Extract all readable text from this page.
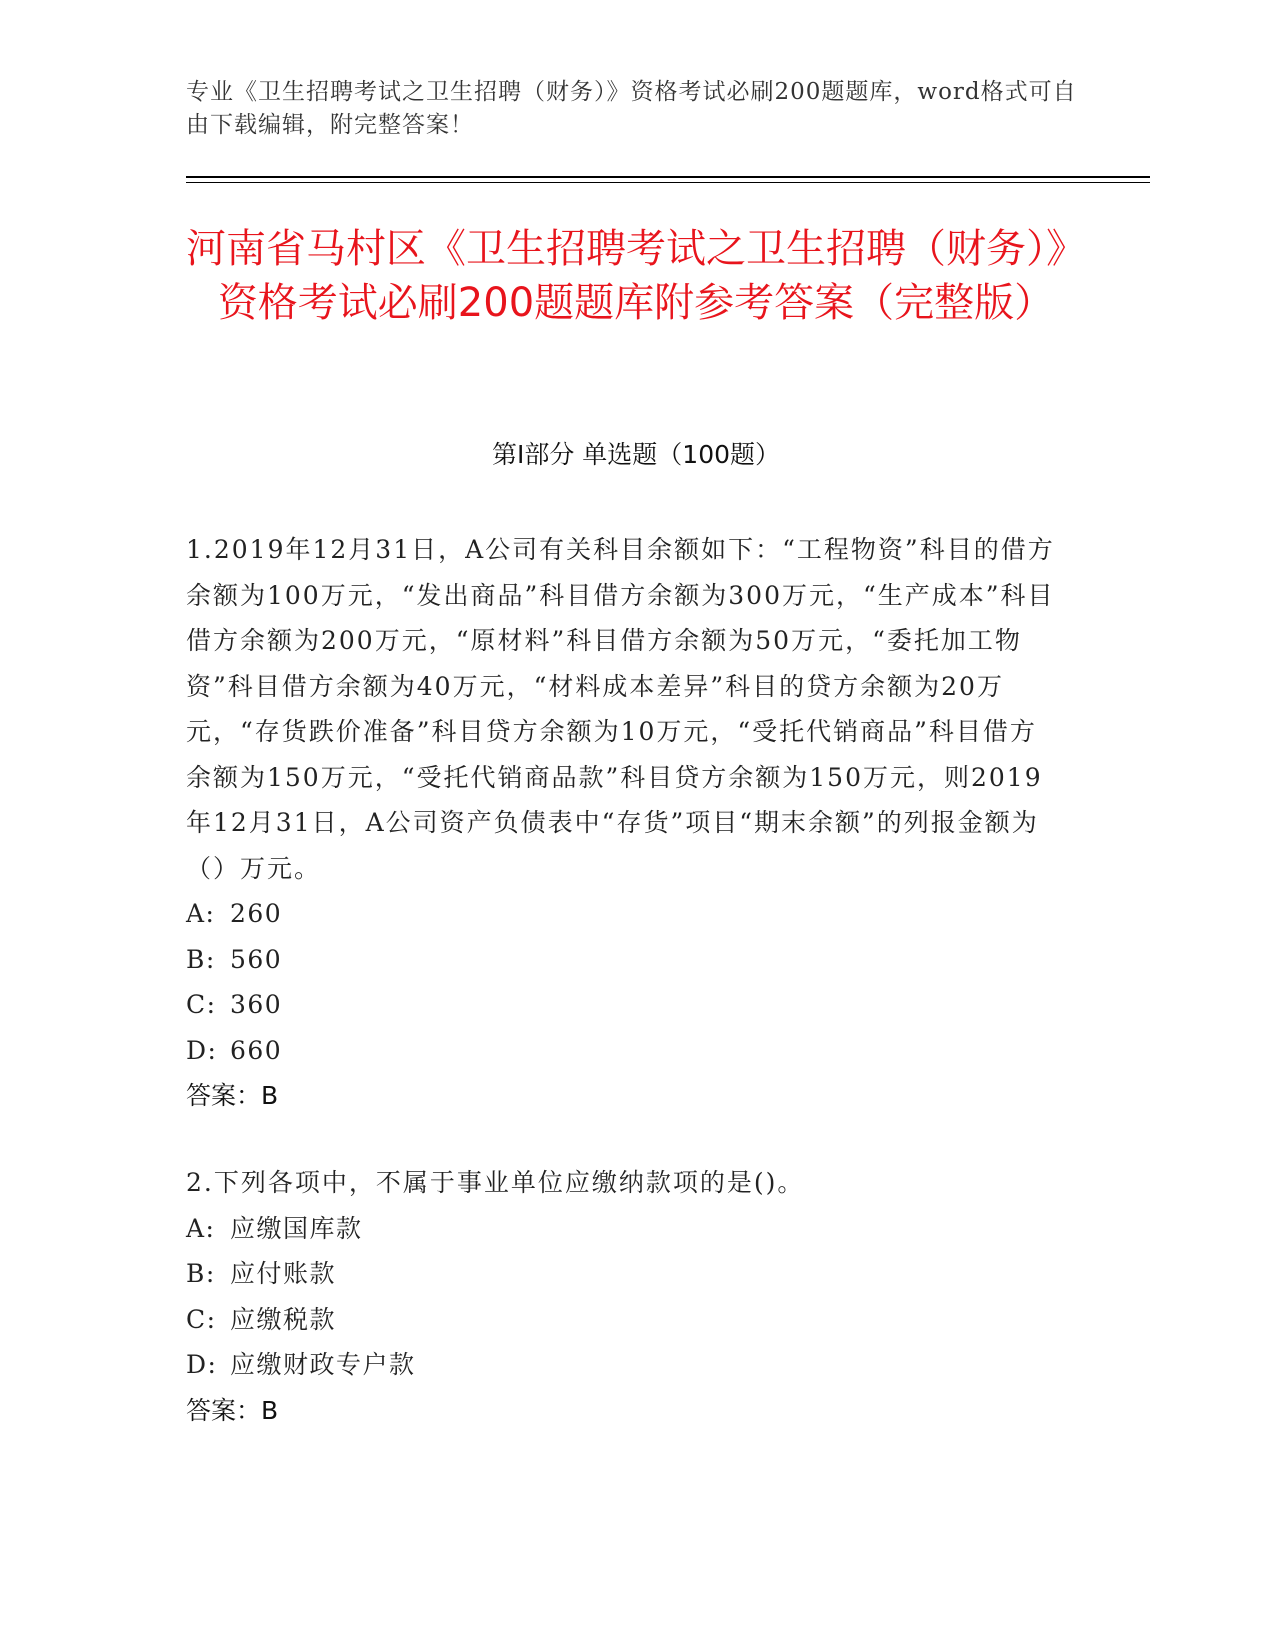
专业《卫生招聘考试之卫生招聘（财务）》资格考试必刷200题题库，word格式可自由下载编辑，附完整答案！
河南省马村区《卫生招聘考试之卫生招聘（财务）》资格考试必刷200题题库附参考答案（完整版）
第I部分 单选题（100题）

1.2019年12月31日，A公司有关科目余额如下：“工程物资”科目的借方余额为100万元，“发出商品”科目借方余额为300万元，“生产成本”科目借方余额为200万元，“原材料”科目借方余额为50万元，“委托加工物资”科目借方余额为40万元，“材料成本差异”科目的贷方余额为20万元，“存货跌价准备”科目贷方余额为10万元，“受托代销商品”科目借方余额为150万元，“受托代销商品款”科目贷方余额为150万元，则2019年12月31日，A公司资产负债表中“存货”项目“期末余额”的列报金额为（）万元。

A: 260

B: 560

C: 360

D: 660

答案：B

2.下列各项中，不属于事业单位应缴纳款项的是()。

A: 应缴国库款

B: 应付账款

C: 应缴税款

D: 应缴财政专户款

答案：B
